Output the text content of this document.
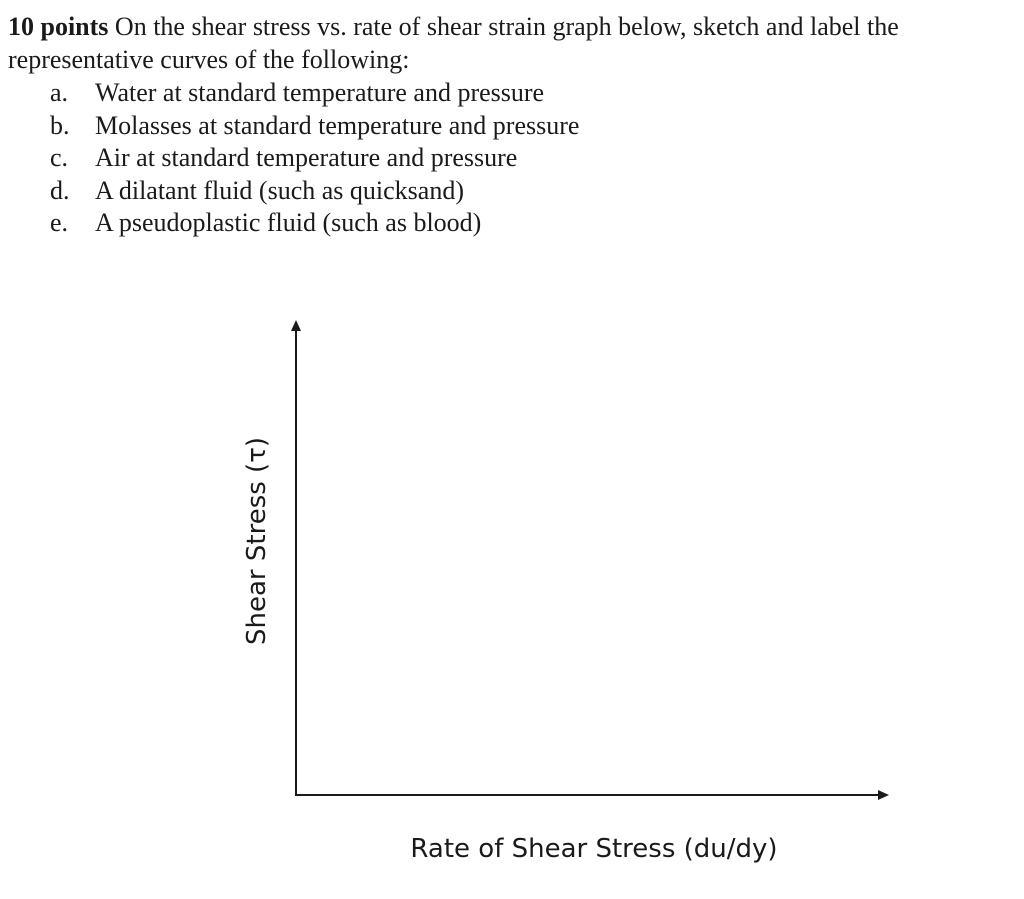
10 points On the shear stress vs. rate of shear strain graph below, sketch and label the representative curves of the following:

a.	Water at standard temperature and pressure
b. Molasses at standard temperature and pressure
c.	Air at standard temperature and pressure
d. A dilatant fluid (such as quicksand)
e.	A pseudoplastic fluid (such as blood)
Shear Stress (τ)
Rate of Shear Stress (du/dy)
